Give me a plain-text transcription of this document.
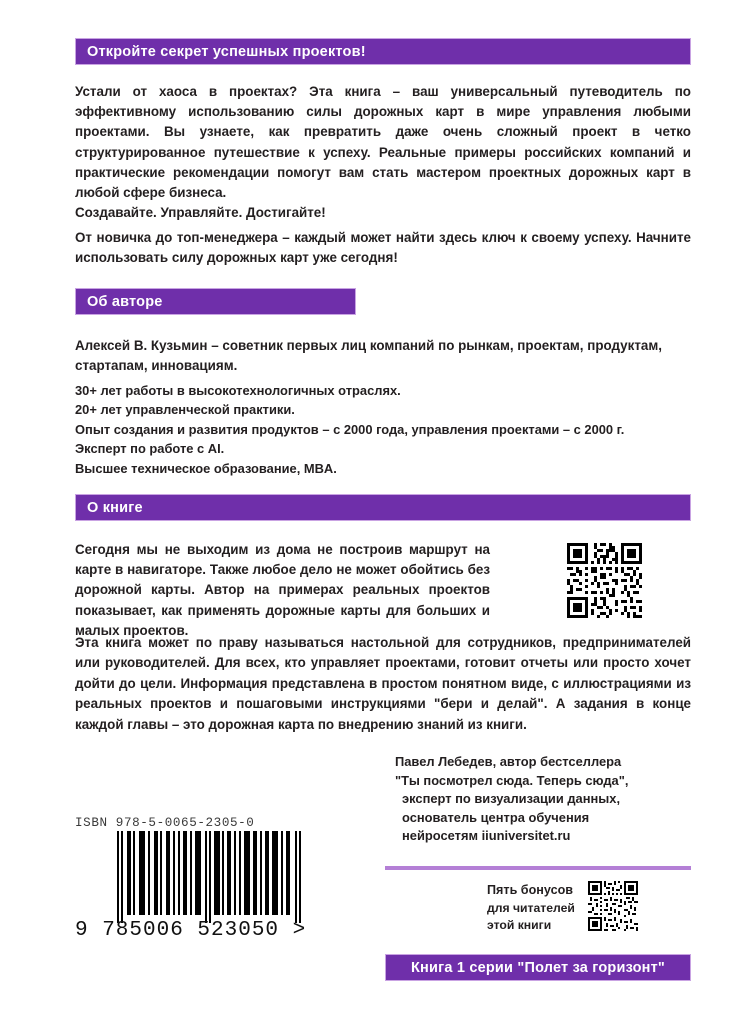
Откройте секрет успешных проектов!
Устали от хаоса в проектах? Эта книга – ваш универсальный путеводитель по эффективному использованию силы дорожных карт в мире управления любыми проектами. Вы узнаете, как превратить даже очень сложный проект в четко структурированное путешествие к успеху. Реальные примеры российских компаний и практические рекомендации помогут вам стать мастером проектных дорожных карт в любой сфере бизнеса.
Создавайте. Управляйте. Достигайте!
От новичка до топ-менеджера – каждый может найти здесь ключ к своему успеху. Начните использовать силу дорожных карт уже сегодня!
Об авторе
Алексей В. Кузьмин – советник первых лиц компаний по рынкам, проектам, продуктам, стартапам, инновациям.
30+ лет работы в высокотехнологичных отраслях.
20+ лет управленческой практики.
Опыт создания и развития продуктов – с 2000 года, управления проектами – с 2000 г.
Эксперт по работе с AI.
Высшее техническое образование, MBA.
О книге
Сегодня мы не выходим из дома не построив маршрут на карте в навигаторе. Также любое дело не может обойтись без дорожной карты. Автор на примерах реальных проектов показывает, как применять дорожные карты для больших и малых проектов.
Эта книга может по праву называться настольной для сотрудников, предпринимателей или руководителей. Для всех, кто управляет проектами, готовит отчеты или просто хочет дойти до цели. Информация представлена в простом понятном виде, с иллюстрациями из реальных проектов и пошаговыми инструкциями "бери и делай". А задания в конце каждой главы – это дорожная карта по внедрению знаний из книги.
Павел Лебедев, автор бестселлера
"Ты посмотрел сюда. Теперь сюда",
эксперт по визуализации данных,
основатель центра обучения
нейросетям iiuniversitet.ru
ISBN 978-5-0065-2305-0
9 785006 523050 >
Пять бонусов
для читателей
этой книги
Книга 1 серии "Полет за горизонт"
